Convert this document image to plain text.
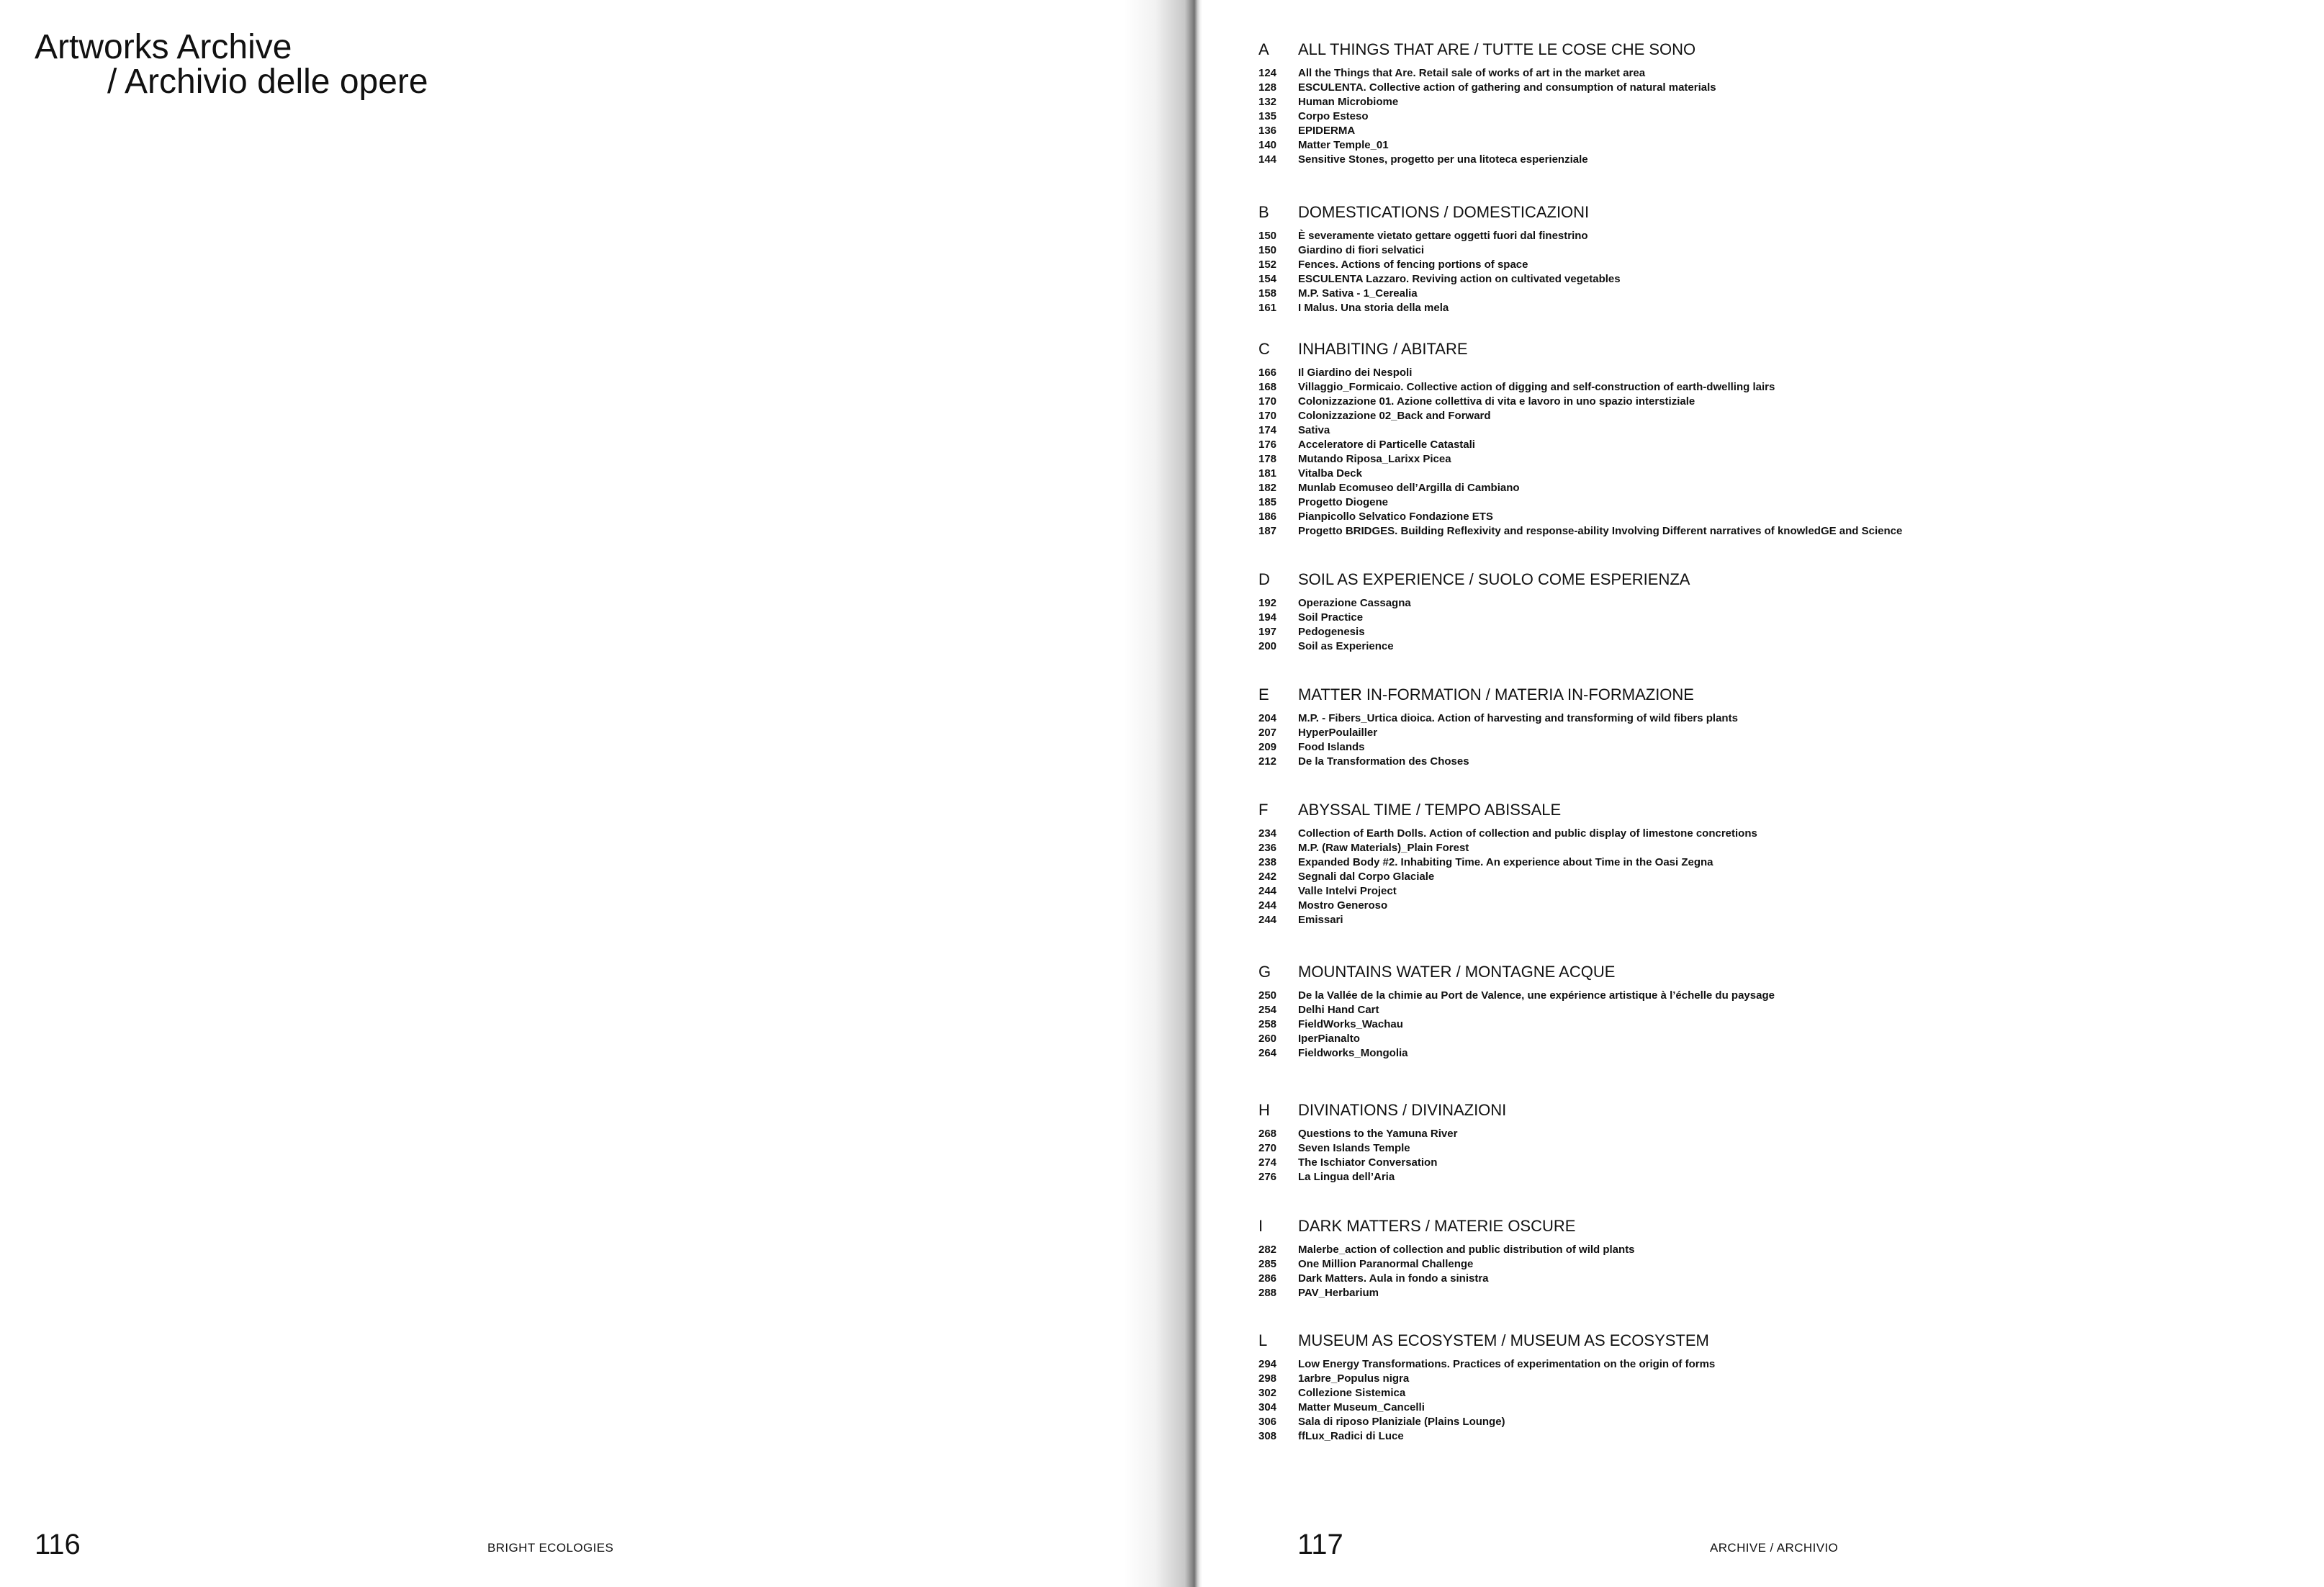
Artworks Archive
/ Archivio delle opere
116	BRIGHT ECOLOGIES
A ALL THINGS THAT ARE / TUTTE LE COSE CHE SONO
124 All the Things that Are. Retail sale of works of art in the market area
128 ESCULENTA. Collective action of gathering and consumption of natural materials
132 Human Microbiome
135 Corpo Esteso
136 EPIDERMA
140 Matter Temple_01
144 Sensitive Stones, progetto per una litoteca esperienziale
B DOMESTICATIONS / DOMESTICAZIONI
150 È severamente vietato gettare oggetti fuori dal finestrino
150 Giardino di fiori selvatici
152 Fences. Actions of fencing portions of space
154 ESCULENTA Lazzaro. Reviving action on cultivated vegetables
158 M.P. Sativa - 1_Cerealia
161 I Malus. Una storia della mela
C INHABITING / ABITARE
166 Il Giardino dei Nespoli
168 Villaggio_Formicaio. Collective action of digging and self-construction of earth-dwelling lairs
170 Colonizzazione 01. Azione collettiva di vita e lavoro in uno spazio interstiziale
170 Colonizzazione 02_Back and Forward
174 Sativa
176 Acceleratore di Particelle Catastali
178 Mutando Riposa_Larixx Picea
181 Vitalba Deck
182 Munlab Ecomuseo dell’Argilla di Cambiano
185 Progetto Diogene
186 Pianpicollo Selvatico Fondazione ETS
187 Progetto BRIDGES. Building Reflexivity and response-ability Involving Different narratives of knowledGE and Science
D SOIL AS EXPERIENCE / SUOLO COME ESPERIENZA
192 Operazione Cassagna
194 Soil Practice
197 Pedogenesis
200 Soil as Experience
E MATTER IN-FORMATION / MATERIA IN-FORMAZIONE
204 M.P. - Fibers_Urtica dioica. Action of harvesting and transforming of wild fibers plants
207 HyperPoulailler
209 Food Islands
212 De la Transformation des Choses
F ABYSSAL TIME / TEMPO ABISSALE
234 Collection of Earth Dolls. Action of collection and public display of limestone concretions
236 M.P. (Raw Materials)_Plain Forest
238 Expanded Body #2. Inhabiting Time. An experience about Time in the Oasi Zegna
242 Segnali dal Corpo Glaciale
244 Valle Intelvi Project
244 Mostro Generoso
244 Emissari
G MOUNTAINS WATER / MONTAGNE ACQUE
250 De la Vallée de la chimie au Port de Valence, une expérience artistique à l’échelle du paysage
254 Delhi Hand Cart
258 FieldWorks_Wachau
260 IperPianalto
264 Fieldworks_Mongolia
H DIVINATIONS / DIVINAZIONI
268 Questions to the Yamuna River
270 Seven Islands Temple
274 The Ischiator Conversation
276 La Lingua dell’Aria
I DARK MATTERS / MATERIE OSCURE
282 Malerbe_action of collection and public distribution of wild plants
285 One Million Paranormal Challenge
286 Dark Matters. Aula in fondo a sinistra
288 PAV_Herbarium
L MUSEUM AS ECOSYSTEM / MUSEUM AS ECOSYSTEM
294 Low Energy Transformations. Practices of experimentation on the origin of forms
298 1arbre_Populus nigra
302 Collezione Sistemica
304 Matter Museum_Cancelli
306 Sala di riposo Planiziale (Plains Lounge)
308 ffLux_Radici di Luce
117	ARCHIVE / ARCHIVIO
